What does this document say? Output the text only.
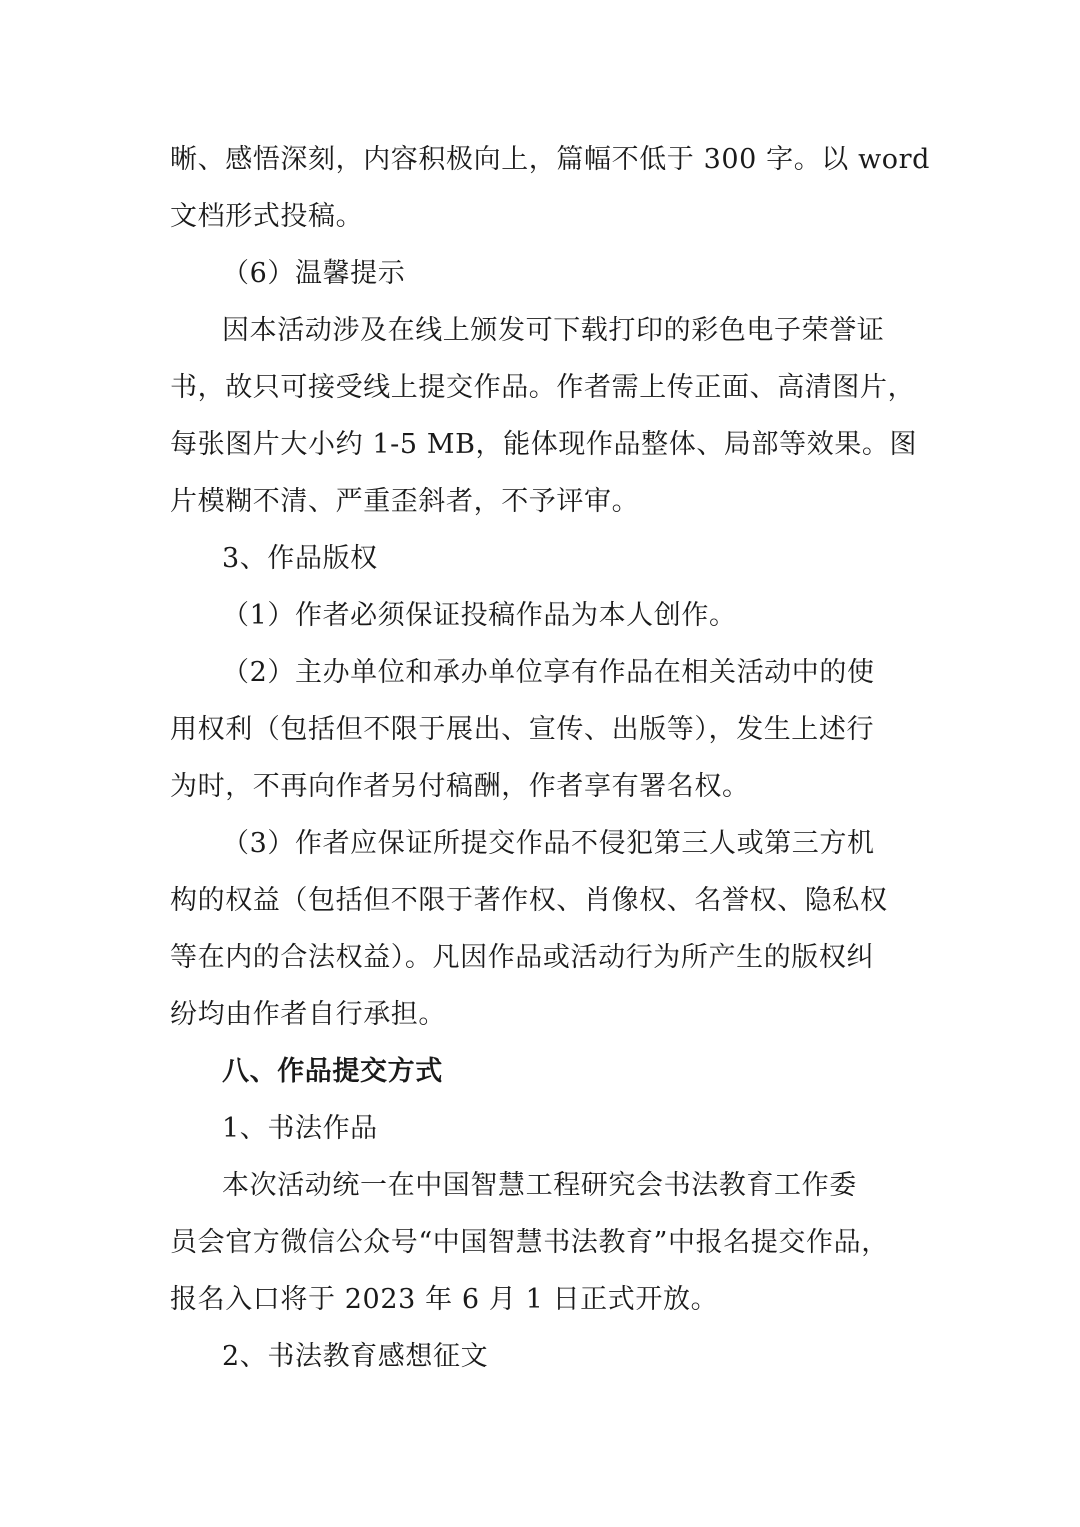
晰、感悟深刻，内容积极向上，篇幅不低于 300 字。以 word
文档形式投稿。
（6）温馨提示
因本活动涉及在线上颁发可下载打印的彩色电子荣誉证
书，故只可接受线上提交作品。作者需上传正面、高清图片，
每张图片大小约 1-5 MB，能体现作品整体、局部等效果。图
片模糊不清、严重歪斜者，不予评审。
3、作品版权
（1）作者必须保证投稿作品为本人创作。
（2）主办单位和承办单位享有作品在相关活动中的使
用权利（包括但不限于展出、宣传、出版等），发生上述行
为时，不再向作者另付稿酬，作者享有署名权。
（3）作者应保证所提交作品不侵犯第三人或第三方机
构的权益（包括但不限于著作权、肖像权、名誉权、隐私权
等在内的合法权益）。凡因作品或活动行为所产生的版权纠
纷均由作者自行承担。
八、作品提交方式
1、书法作品
本次活动统一在中国智慧工程研究会书法教育工作委
员会官方微信公众号“中国智慧书法教育”中报名提交作品，
报名入口将于 2023 年 6 月 1 日正式开放。
2、书法教育感想征文
